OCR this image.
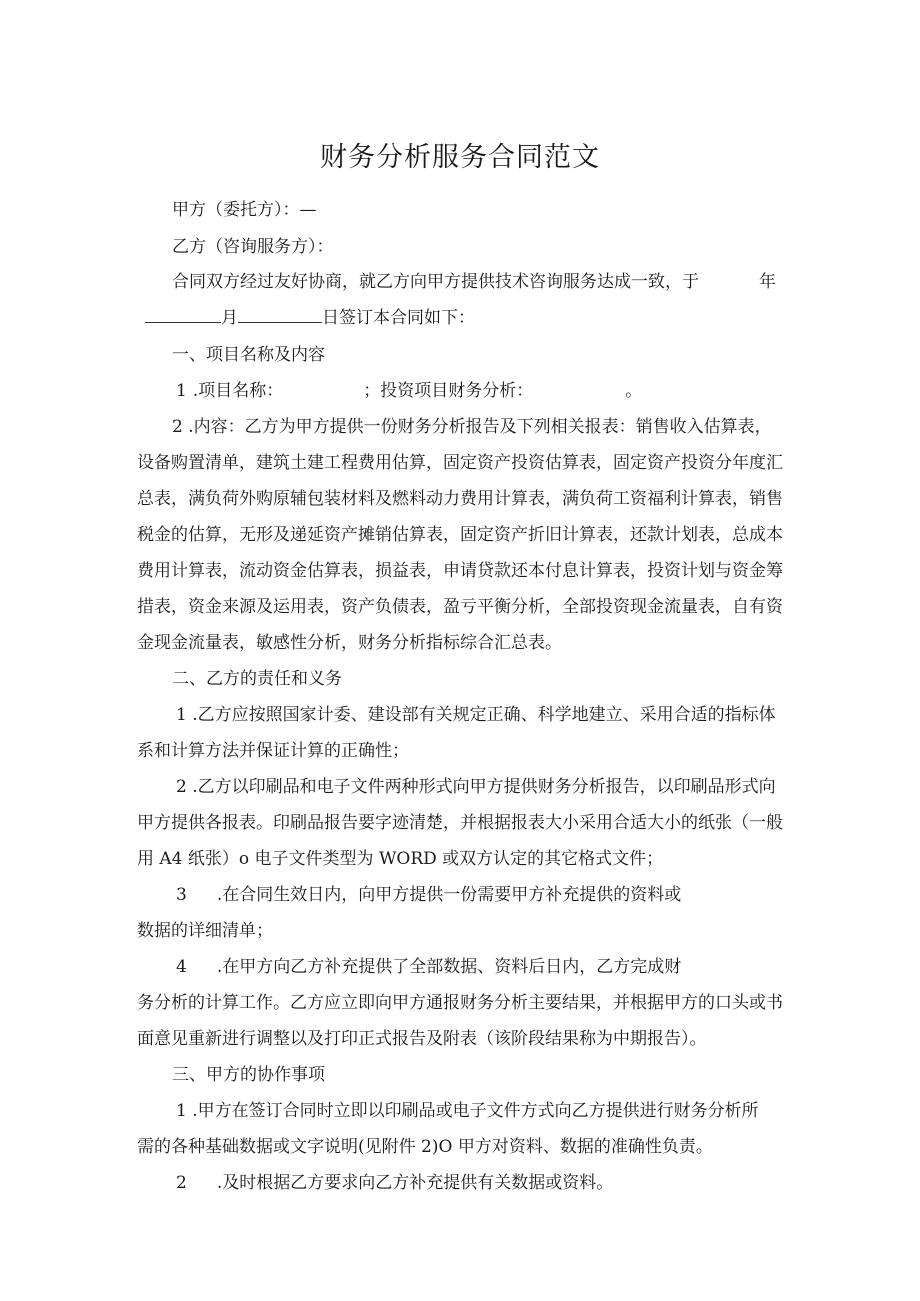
财务分析服务合同范文
甲方（委托方）：—
乙方（咨询服务方）：
合同双方经过友好协商，就乙方向甲方提供技术咨询服务达成一致，于	年
月	日签订本合同如下：
一、项目名称及内容
1 .项目名称：	；投资项目财务分析：	。
2 .内容：乙方为甲方提供一份财务分析报告及下列相关报表：销售收入估算表，
设备购置清单，建筑土建工程费用估算，固定资产投资估算表，固定资产投资分年度汇
总表，满负荷外购原辅包装材料及燃料动力费用计算表，满负荷工资福利计算表，销售
税金的估算，无形及递延资产摊销估算表，固定资产折旧计算表，还款计划表，总成本
费用计算表，流动资金估算表，损益表，申请贷款还本付息计算表，投资计划与资金筹
措表，资金来源及运用表，资产负债表，盈亏平衡分析，全部投资现金流量表，自有资
金现金流量表，敏感性分析，财务分析指标综合汇总表。
二、乙方的责任和义务
1 .乙方应按照国家计委、建设部有关规定正确、科学地建立、采用合适的指标体
系和计算方法并保证计算的正确性；
2 .乙方以印刷品和电子文件两种形式向甲方提供财务分析报告，以印刷品形式向
甲方提供各报表。印刷品报告要字迹清楚，并根据报表大小采用合适大小的纸张（一般
用 A4 纸张）o 电子文件类型为 WORD 或双方认定的其它格式文件；
3 .在合同生效日内，向甲方提供一份需要甲方补充提供的资料或
数据的详细清单；
4 .在甲方向乙方补充提供了全部数据、资料后日内，乙方完成财
务分析的计算工作。乙方应立即向甲方通报财务分析主要结果，并根据甲方的口头或书
面意见重新进行调整以及打印正式报告及附表（该阶段结果称为中期报告）。
三、甲方的协作事项
1 .甲方在签订合同时立即以印刷品或电子文件方式向乙方提供进行财务分析所
需的各种基础数据或文字说明(见附件 2)O 甲方对资料、数据的准确性负责。
2 .及时根据乙方要求向乙方补充提供有关数据或资料。
